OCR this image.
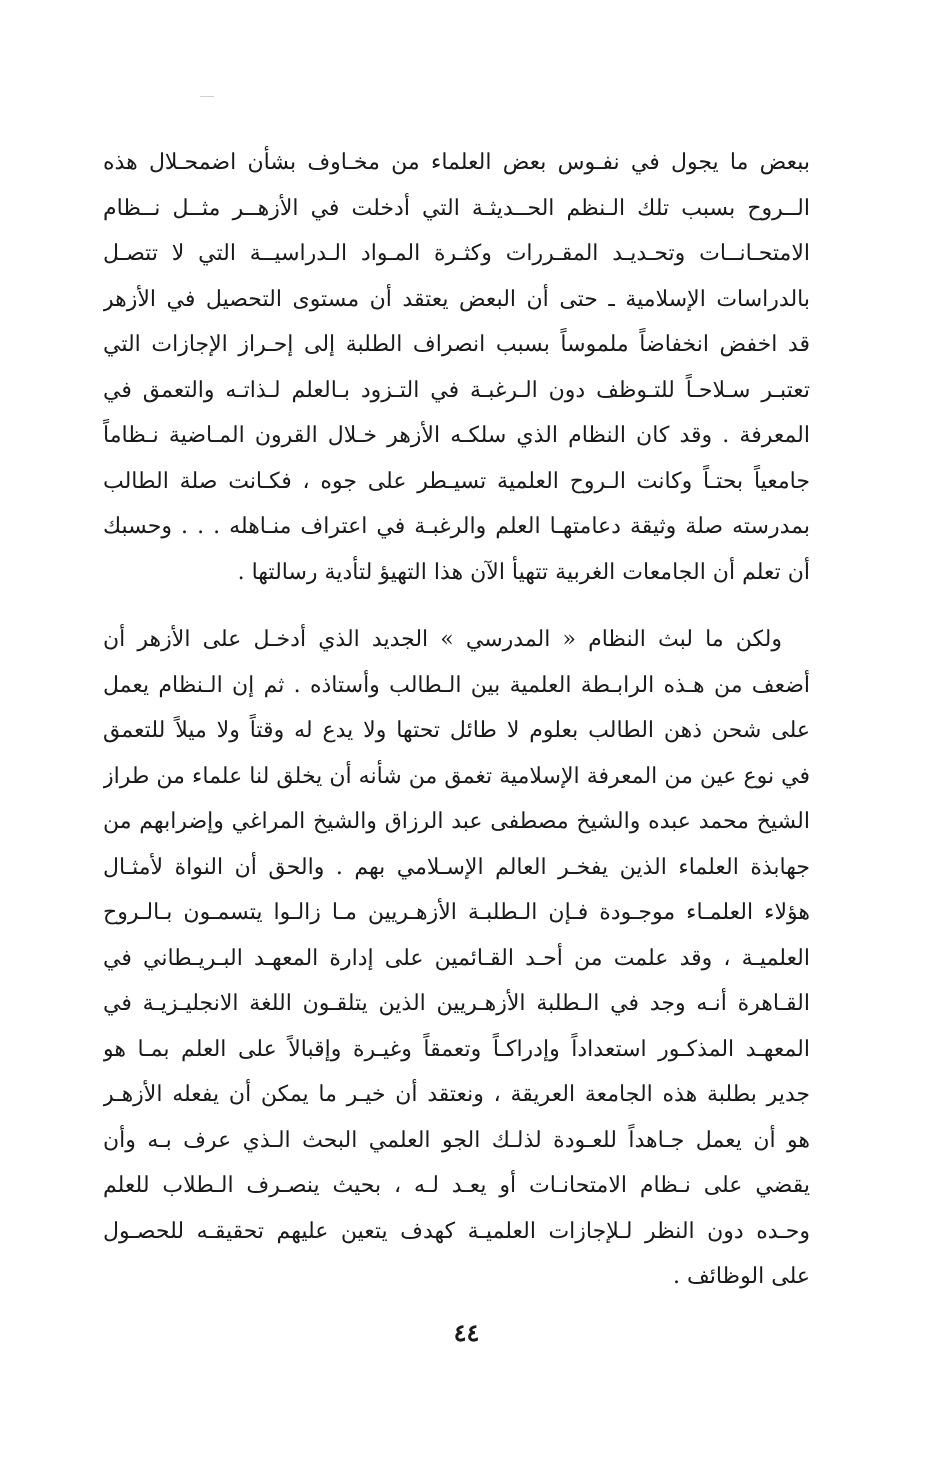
ببعض ما يجول في نفـوس بعض العلماء من مخـاوف بشأن اضمحـلال هذه
الــروح بسبب تلك الـنظم الحــديثـة التي أدخلت في الأزهــر مثــل نــظام
الامتحـانــات وتحـديـد المقـررات وكثـرة المـواد الـدراسيــة التي لا تتصـل
بالدراسات الإسلامية ـ حتى أن البعض يعتقد أن مستوى التحصيل في الأزهر
قد اخفض انخفاضاً ملموساً بسبب انصراف الطلبة إلى إحـراز الإجازات التي
تعتبـر سـلاحـاً للتـوظف دون الـرغبـة في التـزود بـالعلم لـذاتـه والتعمق في
المعرفة . وقد كان النظام الذي سلكـه الأزهر خـلال القرون المـاضية نـظاماً
جامعياً بحتـاً وكانت الـروح العلمية تسيـطر على جوه ، فكـانت صلة الطالب
بمدرسته صلة وثيقة دعامتهـا العلم والرغبـة في اعتراف منـاهله . . . وحسبك
أن تعلم أن الجامعات الغربية تتهيأ الآن هذا التهيؤ لتأدية رسالتها .
ولكن ما لبث النظام « المدرسي » الجديد الذي أدخـل على الأزهر أن
أضعف من هـذه الرابـطة العلمية بين الـطالب وأستاذه . ثم إن الـنظام يعمل
على شحن ذهن الطالب بعلوم لا طائل تحتها ولا يدع له وقتاً ولا ميلاً للتعمق
في نوع عين من المعرفة الإسلامية تغمق من شأنه أن يخلق لنا علماء من طراز
الشيخ محمد عبده والشيخ مصطفى عبد الرزاق والشيخ المراغي وإضرابهم من
جهابذة العلماء الذين يفخـر العالم الإسـلامي بهم . والحق أن النواة لأمثـال
هؤلاء العلمـاء موجـودة فـإن الـطلبـة الأزهـريين مـا زالـوا يتسمـون بـالـروح
العلميـة ، وقد علمت من أحـد القـائمين على إدارة المعهـد البـريـطاني في
القـاهرة أنـه وجد في الـطلبة الأزهـريين الذين يتلقـون اللغة الانجليـزيـة في
المعهـد المذكـور استعداداً وإدراكـاً وتعمقاً وغيـرة وإقبالاً على العلم بمـا هو
جدير بطلبة هذه الجامعة العريقة ، ونعتقد أن خيـر ما يمكن أن يفعله الأزهـر
هو أن يعمل جـاهداً للعـودة لذلـك الجو العلمي البحث الـذي عرف بـه وأن
يقضي على نـظام الامتحانـات أو يعـد لـه ، بحيث ينصـرف الـطلاب للعلم
وحـده دون النظر لـلإجازات العلميـة كهدف يتعين عليهم تحقيقـه للحصـول
على الوظائف .
٤٤
